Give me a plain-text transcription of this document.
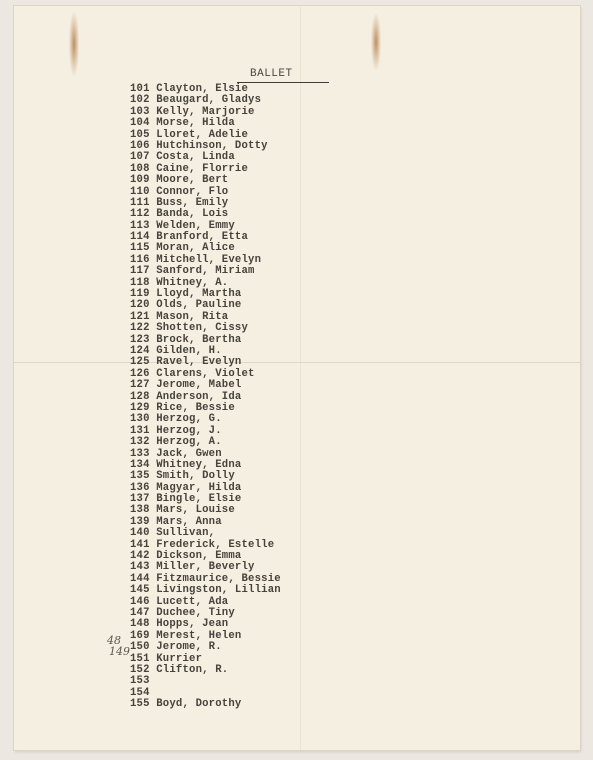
BALLET
101 Clayton, Elsie
102 Beaugard, Gladys
103 Kelly, Marjorie
104 Morse, Hilda
105 Lloret, Adelie
106 Hutchinson, Dotty
107 Costa, Linda
108 Caine, Florrie
109 Moore, Bert
110 Connor, Flo
111 Buss, Emily
112 Banda, Lois
113 Welden, Emmy
114 Branford, Etta
115 Moran, Alice
116 Mitchell, Evelyn
117 Sanford, Miriam
118 Whitney, A.
119 Lloyd, Martha
120 Olds, Pauline
121 Mason, Rita
122 Shotten, Cissy
123 Brock, Bertha
124 Gilden, H.
125 Ravel, Evelyn
126 Clarens, Violet
127 Jerome, Mabel
128 Anderson, Ida
129 Rice, Bessie
130 Herzog, G.
131 Herzog, J.
132 Herzog, A.
133 Jack, Gwen
134 Whitney, Edna
135 Smith, Dolly
136 Magyar, Hilda
137 Bingle, Elsie
138 Mars, Louise
139 Mars, Anna
140 Sullivan,
141 Frederick, Estelle
142 Dickson, Emma
143 Miller, Beverly
144 Fitzmaurice, Bessie
145 Livingston, Lillian
146 Lucett, Ada
147 Duchee, Tiny
148 Hopps, Jean
169 Merest, Helen
150 Jerome, R.
151 Kurrier
152 Clifton, R.
153
154
155 Boyd, Dorothy
48
149
